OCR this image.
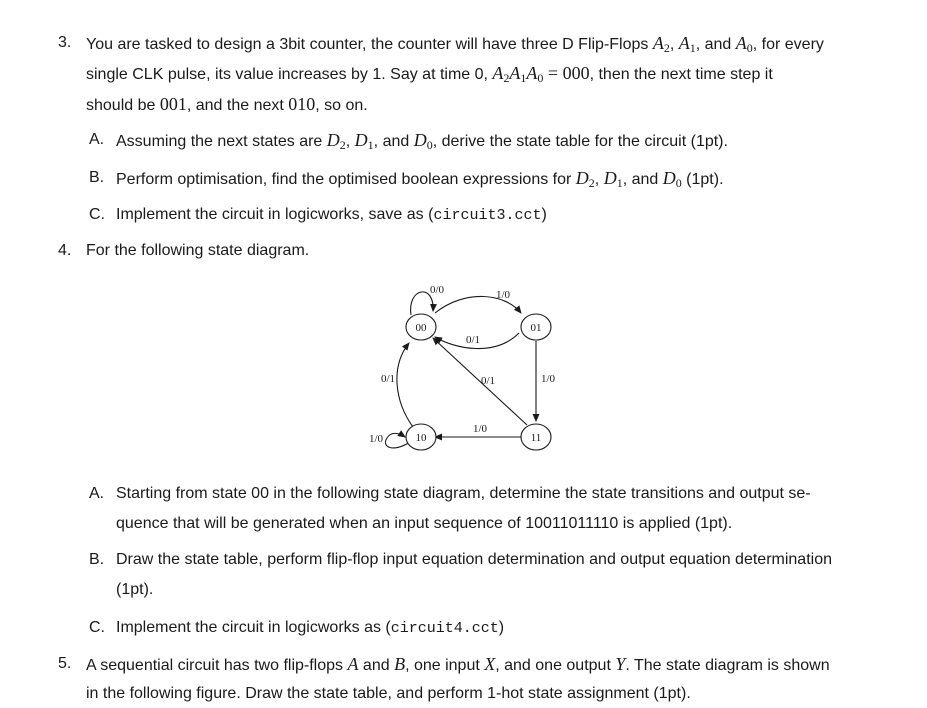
3. You are tasked to design a 3bit counter, the counter will have three D Flip-Flops $A_2$, $A_1$, and $A_0$, for every
single CLK pulse, its value increases by 1. Say at time 0, $A_2A_1A_0 = 000$, then the next time step it
should be 001, and the next 010, so on.
A. Assuming the next states are $D_2$, $D_1$, and $D_0$, derive the state table for the circuit (1pt).
B. Perform optimisation, find the optimised boolean expressions for $D_2$, $D_1$, and $D_0$ (1pt).
C. Implement the circuit in logicworks, save as (circuit3.cct)
4. For the following state diagram.
00	01
10	11
0/0	1/0
0/1
0/1	0/1	1/0
1/0
1/0
A. Starting from state 00 in the following state diagram, determine the state transitions and output se-
quence that will be generated when an input sequence of 10011011110 is applied (1pt).
B. Draw the state table, perform flip-flop input equation determination and output equation determination
(1pt).
C. Implement the circuit in logicworks as (circuit4.cct)
5. A sequential circuit has two flip-flops A and B, one input X, and one output Y. The state diagram is shown
in the following figure. Draw the state table, and perform 1-hot state assignment (1pt).
